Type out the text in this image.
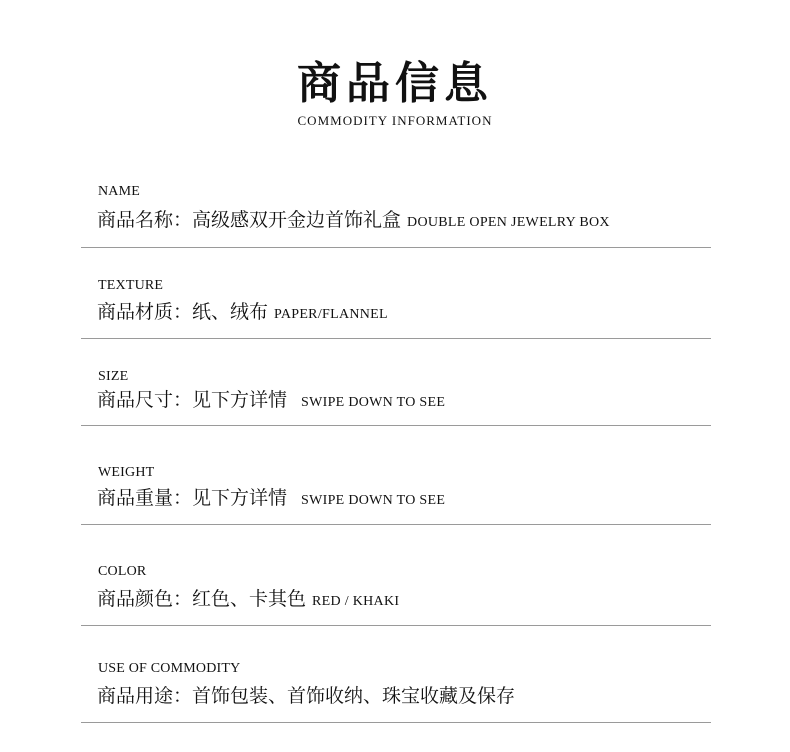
商品信息
COMMODITY INFORMATION
NAME
商品名称：高级感双开金边首饰礼盒 DOUBLE OPEN JEWELRY BOX
TEXTURE
商品材质：纸、绒布 PAPER/FLANNEL
SIZE
商品尺寸：见下方详情 SWIPE DOWN TO SEE
WEIGHT
商品重量：见下方详情 SWIPE DOWN TO SEE
COLOR
商品颜色：红色、卡其色 RED / KHAKI
USE OF COMMODITY
商品用途：首饰包装、首饰收纳、珠宝收藏及保存
